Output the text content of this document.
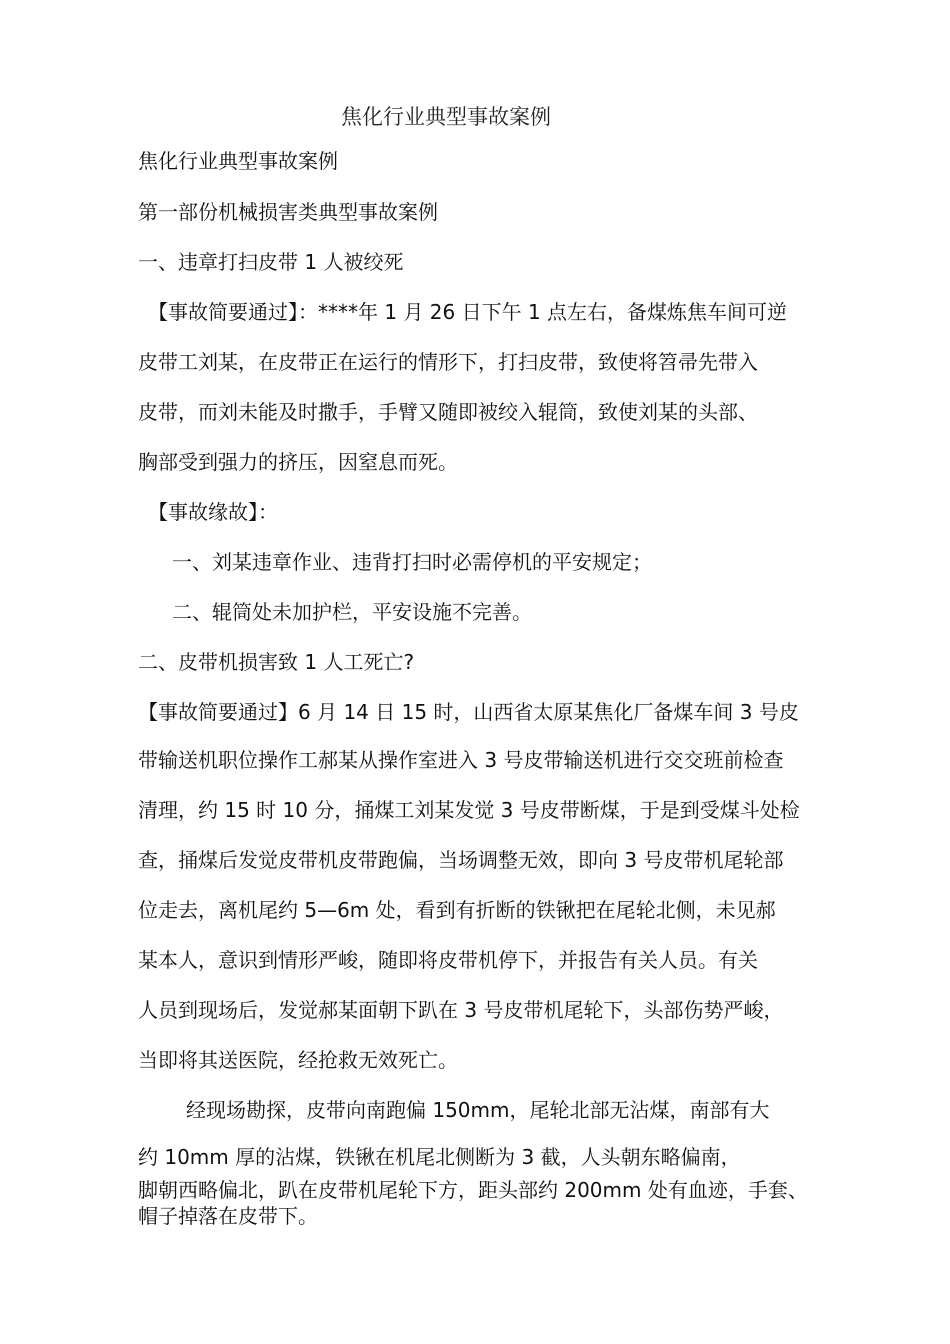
焦化行业典型事故案例
焦化行业典型事故案例
第一部份机械损害类典型事故案例
一、违章打扫皮带 1 人被绞死
【事故简要通过】：****年 1 月 26 日下午 1 点左右，备煤炼焦车间可逆
皮带工刘某，在皮带正在运行的情形下，打扫皮带，致使将笤帚先带入
皮带，而刘未能及时撒手，手臂又随即被绞入辊筒，致使刘某的头部、
胸部受到强力的挤压，因窒息而死。
【事故缘故】：
一、刘某违章作业、违背打扫时必需停机的平安规定；
二、辊筒处未加护栏，平安设施不完善。
二、皮带机损害致 1 人工死亡?
【事故简要通过】6 月 14 日 15 时，山西省太原某焦化厂备煤车间 3 号皮
带输送机职位操作工郝某从操作室进入 3 号皮带输送机进行交交班前检查
清理，约 15 时 10 分，捅煤工刘某发觉 3 号皮带断煤，于是到受煤斗处检
查，捅煤后发觉皮带机皮带跑偏，当场调整无效，即向 3 号皮带机尾轮部
位走去，离机尾约 5—6m 处，看到有折断的铁锹把在尾轮北侧，未见郝
某本人，意识到情形严峻，随即将皮带机停下，并报告有关人员。有关
人员到现场后，发觉郝某面朝下趴在 3 号皮带机尾轮下，头部伤势严峻，
当即将其送医院，经抢救无效死亡。
经现场勘探，皮带向南跑偏 150mm，尾轮北部无沾煤，南部有大
约 10mm 厚的沾煤，铁锹在机尾北侧断为 3 截，人头朝东略偏南，
脚朝西略偏北，趴在皮带机尾轮下方，距头部约 200mm 处有血迹，手套、
帽子掉落在皮带下。
